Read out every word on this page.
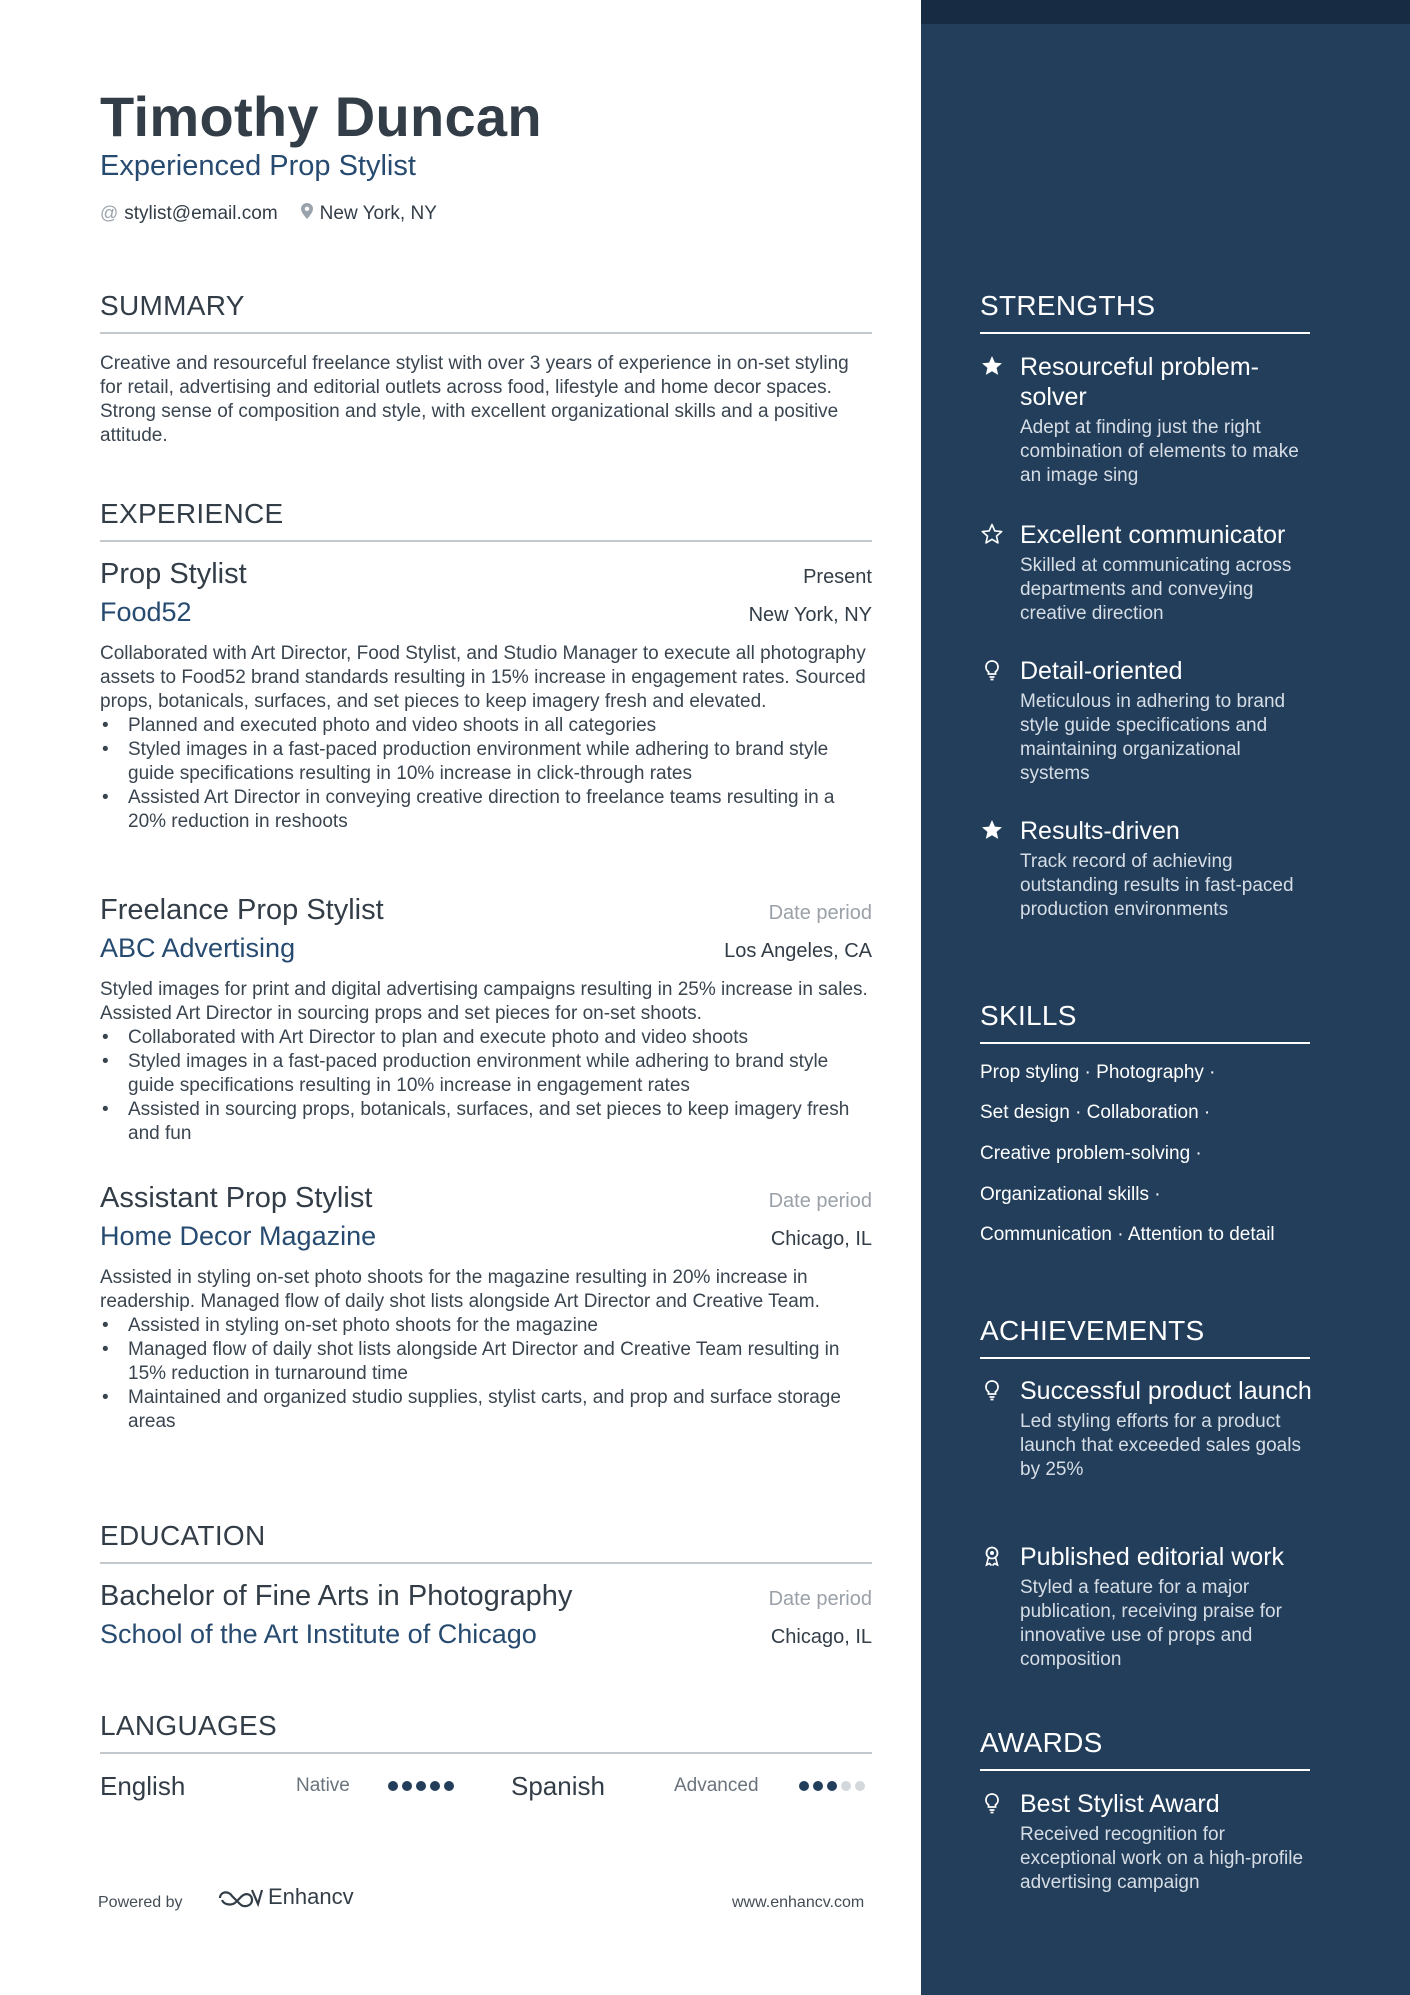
Timothy Duncan
Experienced Prop Stylist
@ stylist@email.com New York, NY
SUMMARY
Creative and resourceful freelance stylist with over 3 years of experience in on-set styling for retail, advertising and editorial outlets across food, lifestyle and home decor spaces. Strong sense of composition and style, with excellent organizational skills and a positive attitude.
EXPERIENCE
Prop Stylist	Present
Food52	New York, NY
Collaborated with Art Director, Food Stylist, and Studio Manager to execute all photography assets to Food52 brand standards resulting in 15% increase in engagement rates. Sourced props, botanicals, surfaces, and set pieces to keep imagery fresh and elevated.
• Planned and executed photo and video shoots in all categories
• Styled images in a fast-paced production environment while adhering to brand style guide specifications resulting in 10% increase in click-through rates
• Assisted Art Director in conveying creative direction to freelance teams resulting in a 20% reduction in reshoots
Freelance Prop Stylist	Date period
ABC Advertising	Los Angeles, CA
Styled images for print and digital advertising campaigns resulting in 25% increase in sales. Assisted Art Director in sourcing props and set pieces for on-set shoots.
• Collaborated with Art Director to plan and execute photo and video shoots
• Styled images in a fast-paced production environment while adhering to brand style guide specifications resulting in 10% increase in engagement rates
• Assisted in sourcing props, botanicals, surfaces, and set pieces to keep imagery fresh and fun
Assistant Prop Stylist	Date period
Home Decor Magazine	Chicago, IL
Assisted in styling on-set photo shoots for the magazine resulting in 20% increase in readership. Managed flow of daily shot lists alongside Art Director and Creative Team.
• Assisted in styling on-set photo shoots for the magazine
• Managed flow of daily shot lists alongside Art Director and Creative Team resulting in 15% reduction in turnaround time
• Maintained and organized studio supplies, stylist carts, and prop and surface storage areas
EDUCATION
Bachelor of Fine Arts in Photography	Date period
School of the Art Institute of Chicago	Chicago, IL
LANGUAGES
English	Native	Spanish	Advanced
Powered by	Enhancv	www.enhancv.com
STRENGTHS
Resourceful problem-solver
Adept at finding just the right combination of elements to make an image sing
Excellent communicator
Skilled at communicating across departments and conveying creative direction
Detail-oriented
Meticulous in adhering to brand style guide specifications and maintaining organizational systems
Results-driven
Track record of achieving outstanding results in fast-paced production environments
SKILLS
Prop styling · Photography ·
Set design · Collaboration ·
Creative problem-solving ·
Organizational skills ·
Communication · Attention to detail
ACHIEVEMENTS
Successful product launch
Led styling efforts for a product launch that exceeded sales goals by 25%
Published editorial work
Styled a feature for a major publication, receiving praise for innovative use of props and composition
AWARDS
Best Stylist Award
Received recognition for exceptional work on a high-profile advertising campaign
